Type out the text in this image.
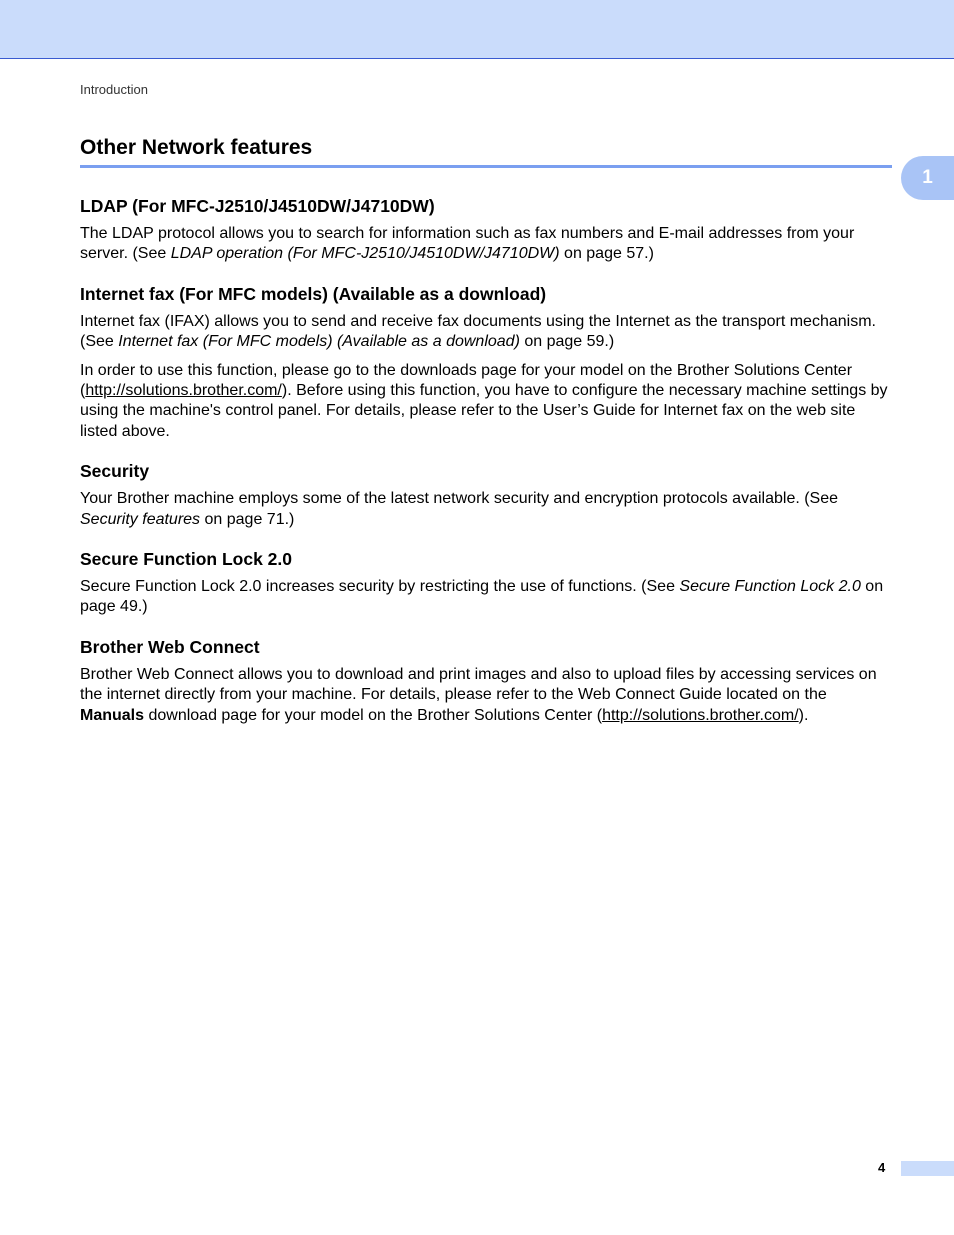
Introduction
Other Network features
1
LDAP (For MFC-J2510/J4510DW/J4710DW)

The LDAP protocol allows you to search for information such as fax numbers and E-mail addresses from your server. (See LDAP operation (For MFC-J2510/J4510DW/J4710DW) on page 57.)

Internet fax (For MFC models) (Available as a download)

Internet fax (IFAX) allows you to send and receive fax documents using the Internet as the transport mechanism. (See Internet fax (For MFC models) (Available as a download) on page 59.)

In order to use this function, please go to the downloads page for your model on the Brother Solutions Center (http://solutions.brother.com/). Before using this function, you have to configure the necessary machine settings by using the machine's control panel. For details, please refer to the User’s Guide for Internet fax on the web site listed above.

Security

Your Brother machine employs some of the latest network security and encryption protocols available. (See Security features on page 71.)

Secure Function Lock 2.0

Secure Function Lock 2.0 increases security by restricting the use of functions. (See Secure Function Lock 2.0 on page 49.)

Brother Web Connect

Brother Web Connect allows you to download and print images and also to upload files by accessing services on the internet directly from your machine. For details, please refer to the Web Connect Guide located on the Manuals download page for your model on the Brother Solutions Center (http://solutions.brother.com/).

4
